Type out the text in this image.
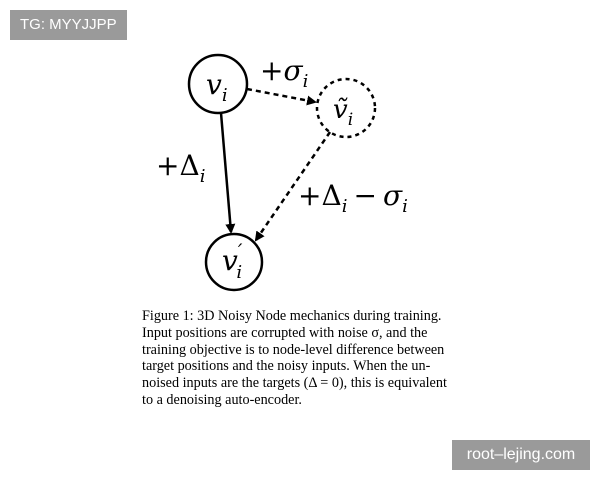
TG: MYYJJPP
$v_i$	ṽ$_i$
v′ i
$+\sigma_i$
$+\Delta_i$
$+\Delta_i - \sigma_i$

Figure 1: 3D Noisy Node mechanics during training. Input positions are corrupted with noise σ, and the training objective is to node-level difference between target positions and the noisy inputs. When the un-noised inputs are the targets (Δ = 0), this is equivalent to a denoising auto-encoder.

root–lejing.com
